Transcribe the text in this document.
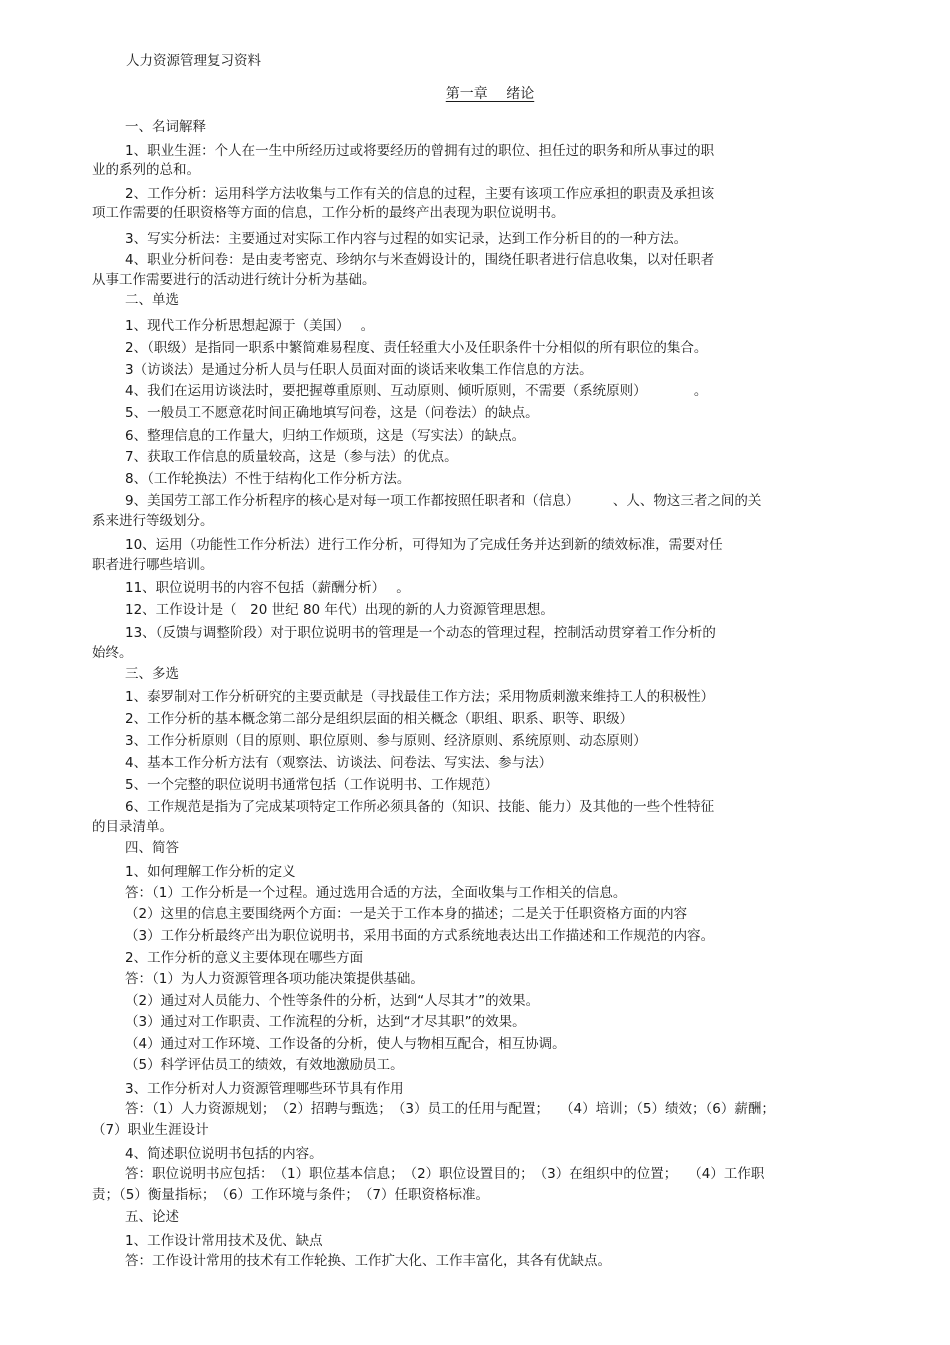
人力资源管理复习资料
第一章　 绪论
一、名词解释
1、职业生涯：个人在一生中所经历过或将要经历的曾拥有过的职位、担任过的职务和所从事过的职
业的系列的总和。
2、工作分析：运用科学方法收集与工作有关的信息的过程，主要有该项工作应承担的职责及承担该
项工作需要的任职资格等方面的信息，工作分析的最终产出表现为职位说明书。
3、写实分析法：主要通过对实际工作内容与过程的如实记录，达到工作分析目的的一种方法。
4、职业分析问卷：是由麦考密克、珍纳尔与米查姆设计的，围绕任职者进行信息收集，以对任职者
从事工作需要进行的活动进行统计分析为基础。
二、单选
1、现代工作分析思想起源于（美国）　 。
2、（职级）是指同一职系中繁简难易程度、责任轻重大小及任职条件十分相似的所有职位的集合。
3（访谈法）是通过分析人员与任职人员面对面的谈话来收集工作信息的方法。
4、我们在运用访谈法时，要把握尊重原则、互动原则、倾听原则，不需要（系统原则）　　　　。
5、一般员工不愿意花时间正确地填写问卷，这是（问卷法）的缺点。
6、整理信息的工作量大，归纳工作烦琐，这是（写实法）的缺点。
7、获取工作信息的质量较高，这是（参与法）的优点。
8、（工作轮换法）不性于结构化工作分析方法。
9、美国劳工部工作分析程序的核心是对每一项工作都按照任职者和（信息）　　　、人、物这三者之间的关
系来进行等级划分。
10、运用（功能性工作分析法）进行工作分析，可得知为了完成任务并达到新的绩效标准，需要对任
职者进行哪些培训。
11、职位说明书的内容不包括（薪酬分析）　 。
12、工作设计是（　20 世纪 80 年代）出现的新的人力资源管理思想。
13、（反馈与调整阶段）对于职位说明书的管理是一个动态的管理过程，控制活动贯穿着工作分析的
始终。
三、多选
1、泰罗制对工作分析研究的主要贡献是（寻找最佳工作方法；采用物质刺激来维持工人的积极性）
2、工作分析的基本概念第二部分是组织层面的相关概念（职组、职系、职等、职级）
3、工作分析原则（目的原则、职位原则、参与原则、经济原则、系统原则、动态原则）
4、基本工作分析方法有（观察法、访谈法、问卷法、写实法、参与法）
5、一个完整的职位说明书通常包括（工作说明书、工作规范）
6、工作规范是指为了完成某项特定工作所必须具备的（知识、技能、能力）及其他的一些个性特征
的目录清单。
四、简答
1、如何理解工作分析的定义
答：（1）工作分析是一个过程。通过选用合适的方法，全面收集与工作相关的信息。
（2）这里的信息主要围绕两个方面：一是关于工作本身的描述；二是关于任职资格方面的内容
（3）工作分析最终产出为职位说明书，采用书面的方式系统地表达出工作描述和工作规范的内容。
2、工作分析的意义主要体现在哪些方面
答：（1）为人力资源管理各项功能决策提供基础。
（2）通过对人员能力、个性等条件的分析，达到“人尽其才”的效果。
（3）通过对工作职责、工作流程的分析，达到“才尽其职”的效果。
（4）通过对工作环境、工作设备的分析，使人与物相互配合，相互协调。
（5）科学评估员工的绩效，有效地激励员工。
3、工作分析对人力资源管理哪些环节具有作用
答：（1）人力资源规划；　（2）招聘与甄选；　（3）员工的任用与配置；　 （4）培训；（5）绩效；（6）薪酬；
（7）职业生涯设计
4、简述职位说明书包括的内容。
答：职位说明书应包括：　（1）职位基本信息；　（2）职位设置目的；　（3）在组织中的位置；　 （4）工作职
责；（5）衡量指标；　（6）工作环境与条件；　（7）任职资格标准。
五、论述
1、工作设计常用技术及优、缺点
答：工作设计常用的技术有工作轮换、工作扩大化、工作丰富化，其各有优缺点。
